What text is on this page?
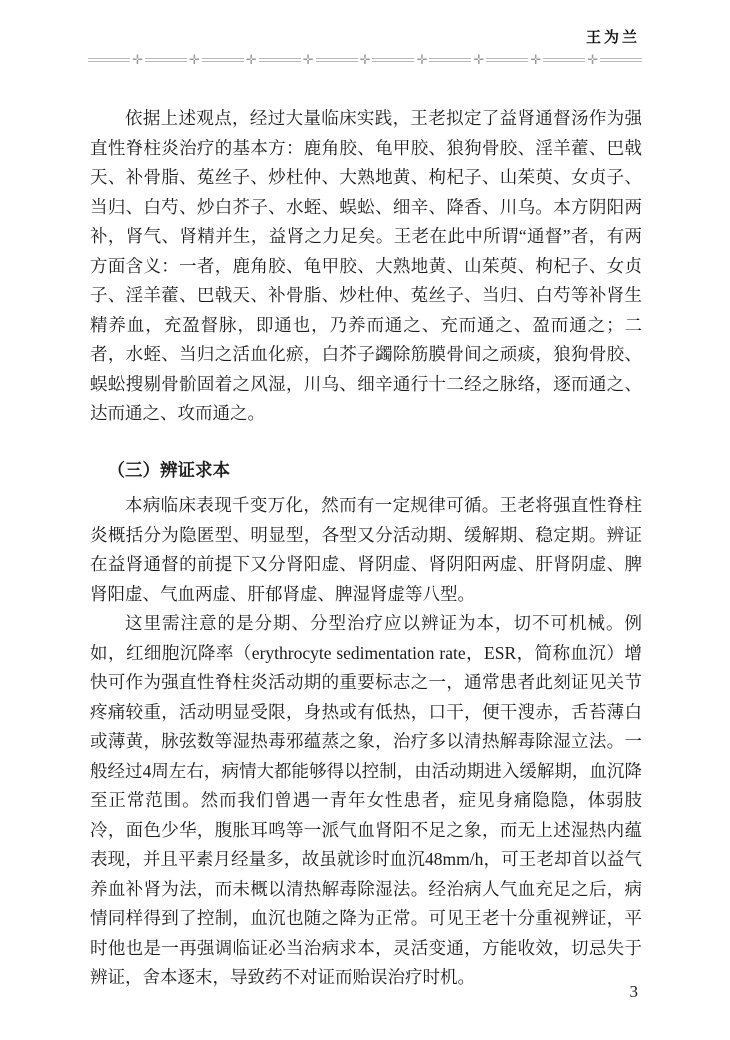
王为兰
✛	✛	✛	✛	✛	✛	✛	✛	✛

依据上述观点，经过大量临床实践，王老拟定了益肾通督汤作为强直性脊柱炎治疗的基本方：鹿角胶、龟甲胶、狼狗骨胶、淫羊藿、巴戟天、补骨脂、菟丝子、炒杜仲、大熟地黄、枸杞子、山茱萸、女贞子、当归、白芍、炒白芥子、水蛭、蜈蚣、细辛、降香、川乌。本方阴阳两补，肾气、肾精并生，益肾之力足矣。王老在此中所谓“通督”者，有两方面含义：一者，鹿角胶、龟甲胶、大熟地黄、山茱萸、枸杞子、女贞子、淫羊藿、巴戟天、补骨脂、炒杜仲、菟丝子、当归、白芍等补肾生精养血，充盈督脉，即通也，乃养而通之、充而通之、盈而通之；二者，水蛭、当归之活血化瘀，白芥子蠲除筋膜骨间之顽痰，狼狗骨胶、蜈蚣搜剔骨骱固着之风湿，川乌、细辛通行十二经之脉络，逐而通之、达而通之、攻而通之。

（三）辨证求本

本病临床表现千变万化，然而有一定规律可循。王老将强直性脊柱炎概括分为隐匿型、明显型，各型又分活动期、缓解期、稳定期。辨证在益肾通督的前提下又分肾阳虚、肾阴虚、肾阴阳两虚、肝肾阴虚、脾肾阳虚、气血两虚、肝郁肾虚、脾湿肾虚等八型。

这里需注意的是分期、分型治疗应以辨证为本，切不可机械。例如，红细胞沉降率（erythrocyte sedimentation rate，ESR，简称血沉）增快可作为强直性脊柱炎活动期的重要标志之一，通常患者此刻证见关节疼痛较重，活动明显受限，身热或有低热，口干，便干溲赤，舌苔薄白或薄黄，脉弦数等湿热毒邪蕴蒸之象，治疗多以清热解毒除湿立法。一般经过4周左右，病情大都能够得以控制，由活动期进入缓解期，血沉降至正常范围。然而我们曾遇一青年女性患者，症见身痛隐隐，体弱肢冷，面色少华，腹胀耳鸣等一派气血肾阳不足之象，而无上述湿热内蕴表现，并且平素月经量多，故虽就诊时血沉48mm/h，可王老却首以益气养血补肾为法，而未概以清热解毒除湿法。经治病人气血充足之后，病情同样得到了控制，血沉也随之降为正常。可见王老十分重视辨证，平时他也是一再强调临证必当治病求本，灵活变通，方能收效，切忌失于辨证，舍本逐末，导致药不对证而贻误治疗时机。

3
